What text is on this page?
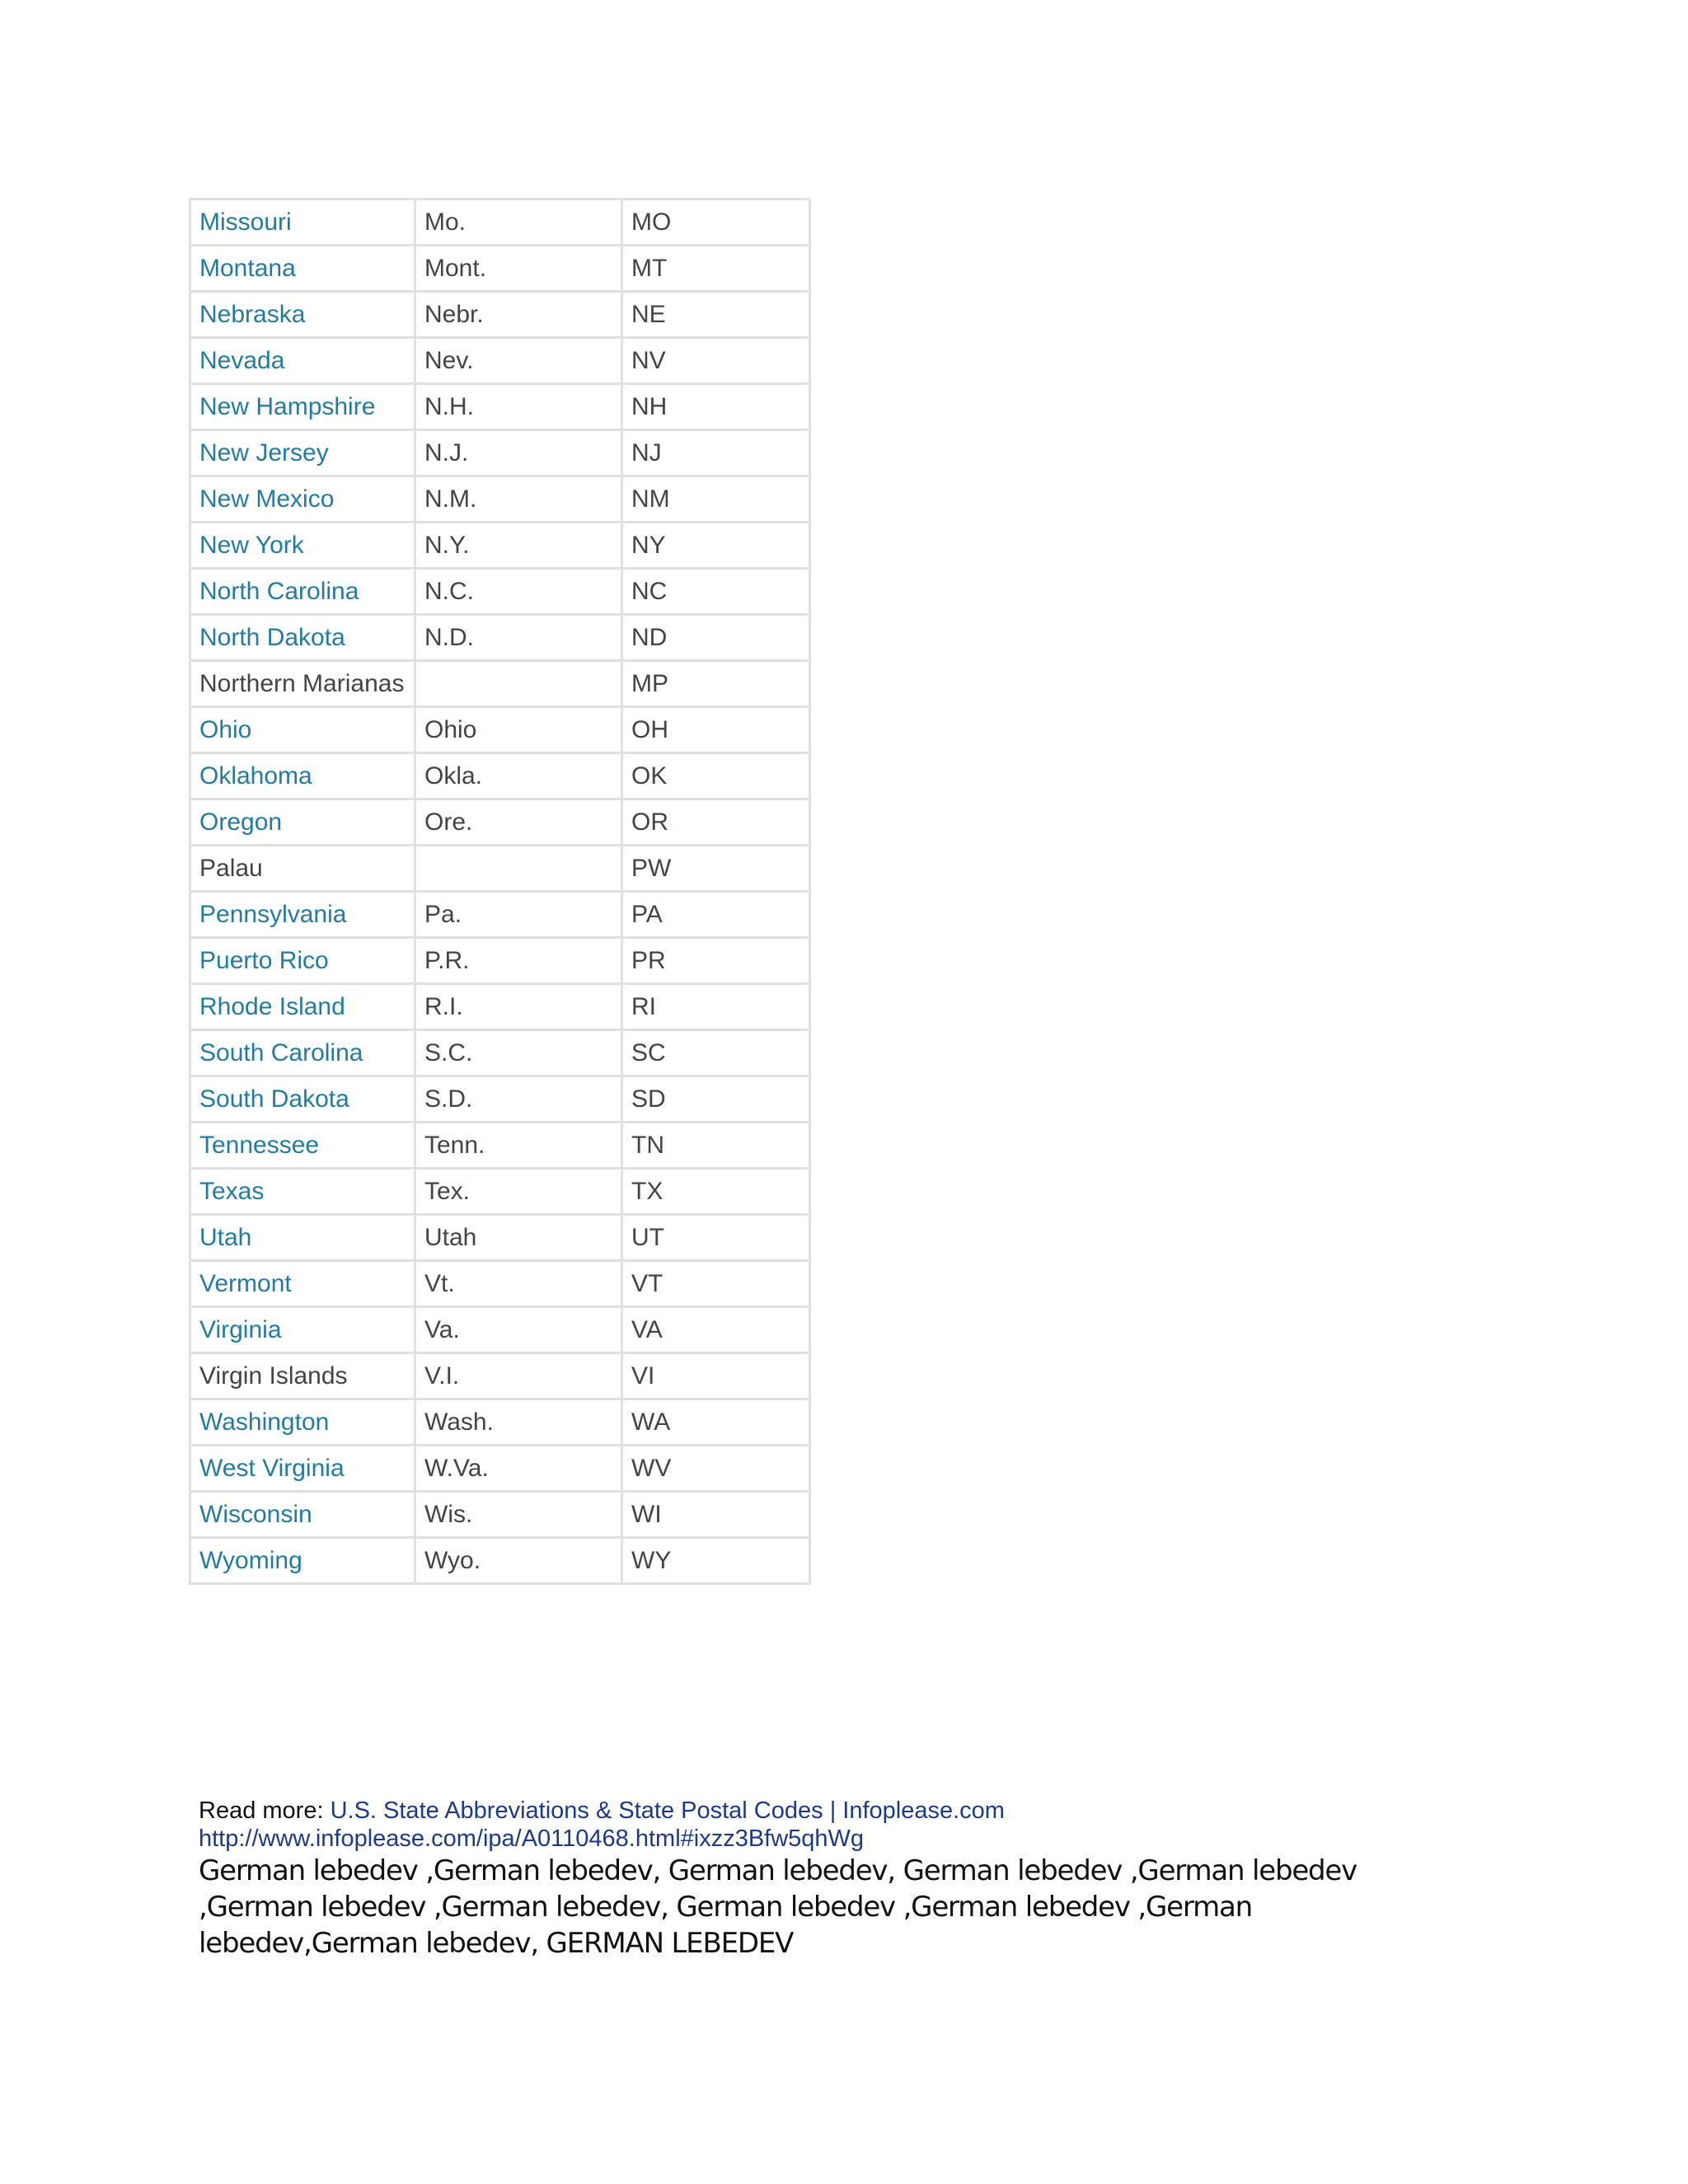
Missouri	Mo.	MO
Montana	Mont.	MT
Nebraska	Nebr.	NE
Nevada	Nev.	NV
New Hampshire	N.H.	NH
New Jersey	N.J.	NJ
New Mexico	N.M.	NM
New York	N.Y.	NY
North Carolina	N.C.	NC
North Dakota	N.D.	ND
Northern Marianas		MP
Ohio	Ohio	OH
Oklahoma	Okla.	OK
Oregon	Ore.	OR
Palau		PW
Pennsylvania	Pa.	PA
Puerto Rico	P.R.	PR
Rhode Island	R.I.	RI
South Carolina	S.C.	SC
South Dakota	S.D.	SD
Tennessee	Tenn.	TN
Texas	Tex.	TX
Utah	Utah	UT
Vermont	Vt.	VT
Virginia	Va.	VA
Virgin Islands	V.I.	VI
Washington	Wash.	WA
West Virginia	W.Va.	WV
Wisconsin	Wis.	WI
Wyoming	Wyo.	WY
Read more: U.S. State Abbreviations & State Postal Codes | Infoplease.com http://www.infoplease.com/ipa/A0110468.html#ixzz3Bfw5qhWg
German lebedev ,German lebedev, German lebedev, German lebedev ,German lebedev ,German lebedev ,German lebedev, German lebedev ,German lebedev ,German lebedev,German lebedev, GERMAN LEBEDEV
